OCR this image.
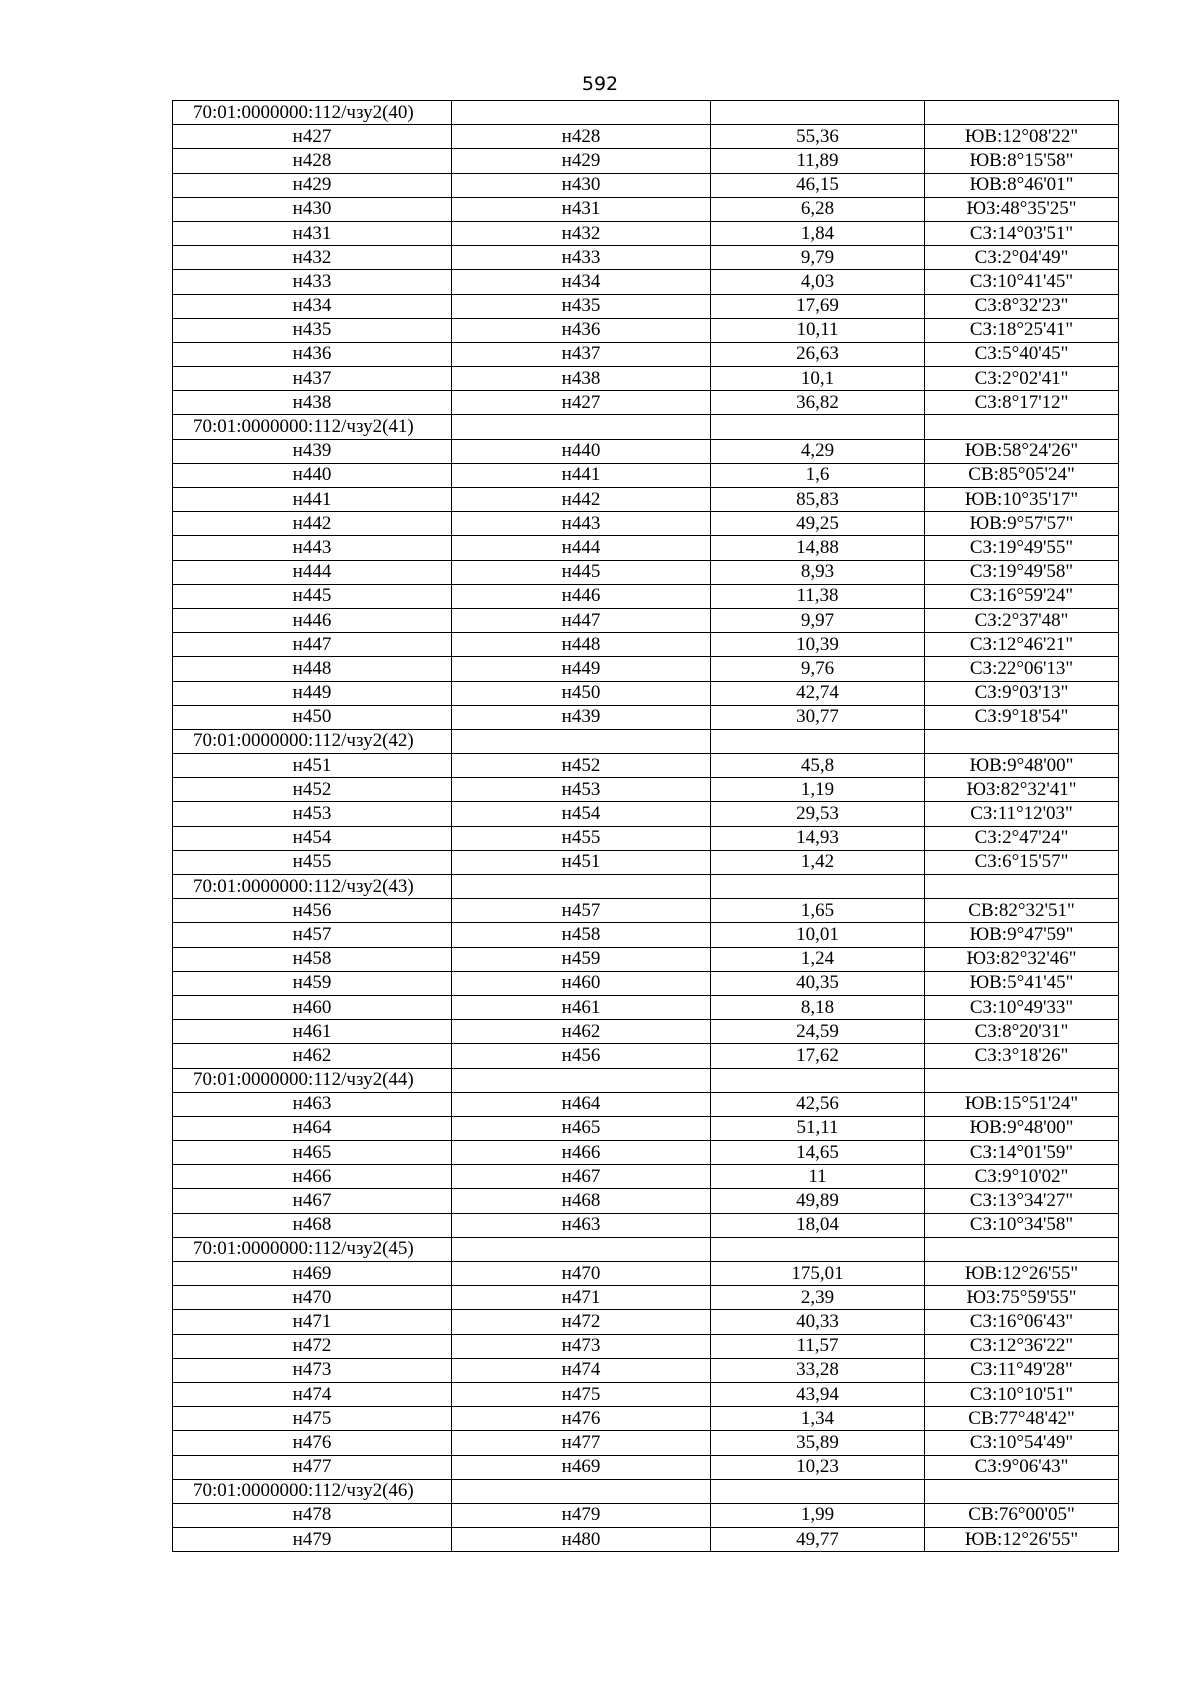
592
70:01:0000000:112/чзу2(40)			
н427	н428	55,36	ЮВ:12°08'22"
н428	н429	11,89	ЮВ:8°15'58"
н429	н430	46,15	ЮВ:8°46'01"
н430	н431	6,28	ЮЗ:48°35'25"
н431	н432	1,84	СЗ:14°03'51"
н432	н433	9,79	СЗ:2°04'49"
н433	н434	4,03	СЗ:10°41'45"
н434	н435	17,69	СЗ:8°32'23"
н435	н436	10,11	СЗ:18°25'41"
н436	н437	26,63	СЗ:5°40'45"
н437	н438	10,1	СЗ:2°02'41"
н438	н427	36,82	СЗ:8°17'12"
70:01:0000000:112/чзу2(41)			
н439	н440	4,29	ЮВ:58°24'26"
н440	н441	1,6	СВ:85°05'24"
н441	н442	85,83	ЮВ:10°35'17"
н442	н443	49,25	ЮВ:9°57'57"
н443	н444	14,88	СЗ:19°49'55"
н444	н445	8,93	СЗ:19°49'58"
н445	н446	11,38	СЗ:16°59'24"
н446	н447	9,97	СЗ:2°37'48"
н447	н448	10,39	СЗ:12°46'21"
н448	н449	9,76	СЗ:22°06'13"
н449	н450	42,74	СЗ:9°03'13"
н450	н439	30,77	СЗ:9°18'54"
70:01:0000000:112/чзу2(42)			
н451	н452	45,8	ЮВ:9°48'00"
н452	н453	1,19	ЮЗ:82°32'41"
н453	н454	29,53	СЗ:11°12'03"
н454	н455	14,93	СЗ:2°47'24"
н455	н451	1,42	СЗ:6°15'57"
70:01:0000000:112/чзу2(43)			
н456	н457	1,65	СВ:82°32'51"
н457	н458	10,01	ЮВ:9°47'59"
н458	н459	1,24	ЮЗ:82°32'46"
н459	н460	40,35	ЮВ:5°41'45"
н460	н461	8,18	СЗ:10°49'33"
н461	н462	24,59	СЗ:8°20'31"
н462	н456	17,62	СЗ:3°18'26"
70:01:0000000:112/чзу2(44)			
н463	н464	42,56	ЮВ:15°51'24"
н464	н465	51,11	ЮВ:9°48'00"
н465	н466	14,65	СЗ:14°01'59"
н466	н467	11	СЗ:9°10'02"
н467	н468	49,89	СЗ:13°34'27"
н468	н463	18,04	СЗ:10°34'58"
70:01:0000000:112/чзу2(45)			
н469	н470	175,01	ЮВ:12°26'55"
н470	н471	2,39	ЮЗ:75°59'55"
н471	н472	40,33	СЗ:16°06'43"
н472	н473	11,57	СЗ:12°36'22"
н473	н474	33,28	СЗ:11°49'28"
н474	н475	43,94	СЗ:10°10'51"
н475	н476	1,34	СВ:77°48'42"
н476	н477	35,89	СЗ:10°54'49"
н477	н469	10,23	СЗ:9°06'43"
70:01:0000000:112/чзу2(46)			
н478	н479	1,99	СВ:76°00'05"
н479	н480	49,77	ЮВ:12°26'55"
